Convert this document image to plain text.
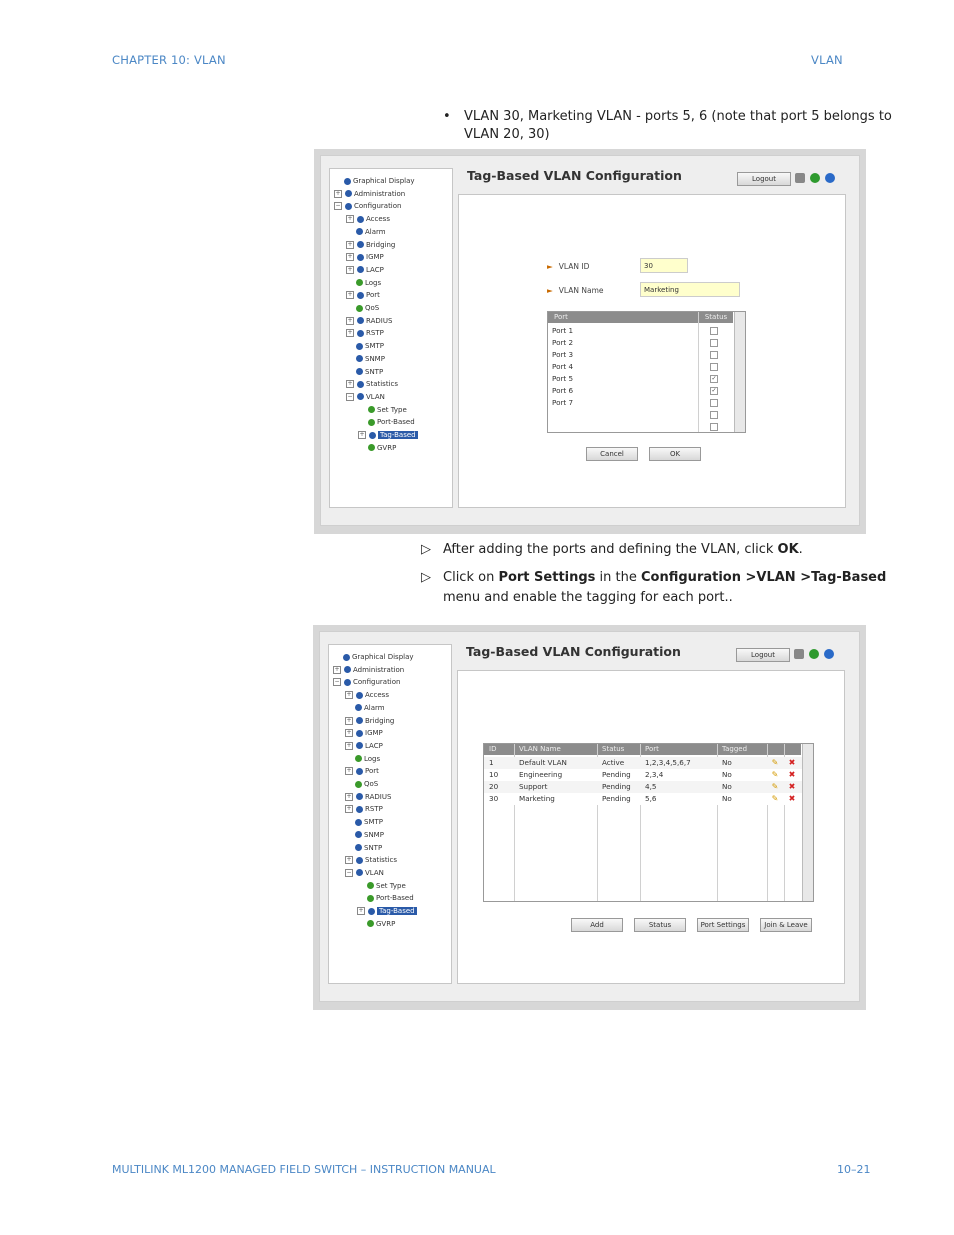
CHAPTER 10: VLAN	VLAN
• VLAN 30, Marketing VLAN - ports 5, 6 (note that port 5 belongs to
VLAN 20, 30)
Graphical Display
+ Administration
− Configuration
+ Access
Alarm
+ Bridging
+ IGMP
+ LACP
Logs
+ Port
QoS
+ RADIUS
+ RSTP
SMTP
SNMP
SNTP
+ Statistics
− VLAN
Set Type
Port-Based
+ Tag-Based
GVRP
Tag-Based VLAN Configuration	Logout
► VLAN ID	30
► VLAN Name	Marketing
Port	Status
Port 1
Port 2
Port 3
Port 4
Port 5	✓
Port 6	✓
Port 7
Cancel	OK
▷ After adding the ports and defining the VLAN, click OK.
▷ Click on Port Settings in the Configuration >VLAN >Tag-Based
menu and enable the tagging for each port..
Graphical Display
+ Administration
− Configuration
+ Access
Alarm
+ Bridging
+ IGMP
+ LACP
Logs
+ Port
QoS
+ RADIUS
+ RSTP
SMTP
SNMP
SNTP
+ Statistics
− VLAN
Set Type
Port-Based
+ Tag-Based
GVRP
Tag-Based VLAN Configuration	Logout
ID	VLAN Name	Status	Port	Tagged
1	Default VLAN	Active	1,2,3,4,5,6,7	No	✎ ✖
10	Engineering	Pending 2,3,4	No	✎ ✖
20	Support	Pending 4,5	No	✎ ✖
30	Marketing	Pending 5,6	No	✎ ✖
Add	Status	Port Settings	Join & Leave
MULTILINK ML1200 MANAGED FIELD SWITCH – INSTRUCTION MANUAL	10–21
